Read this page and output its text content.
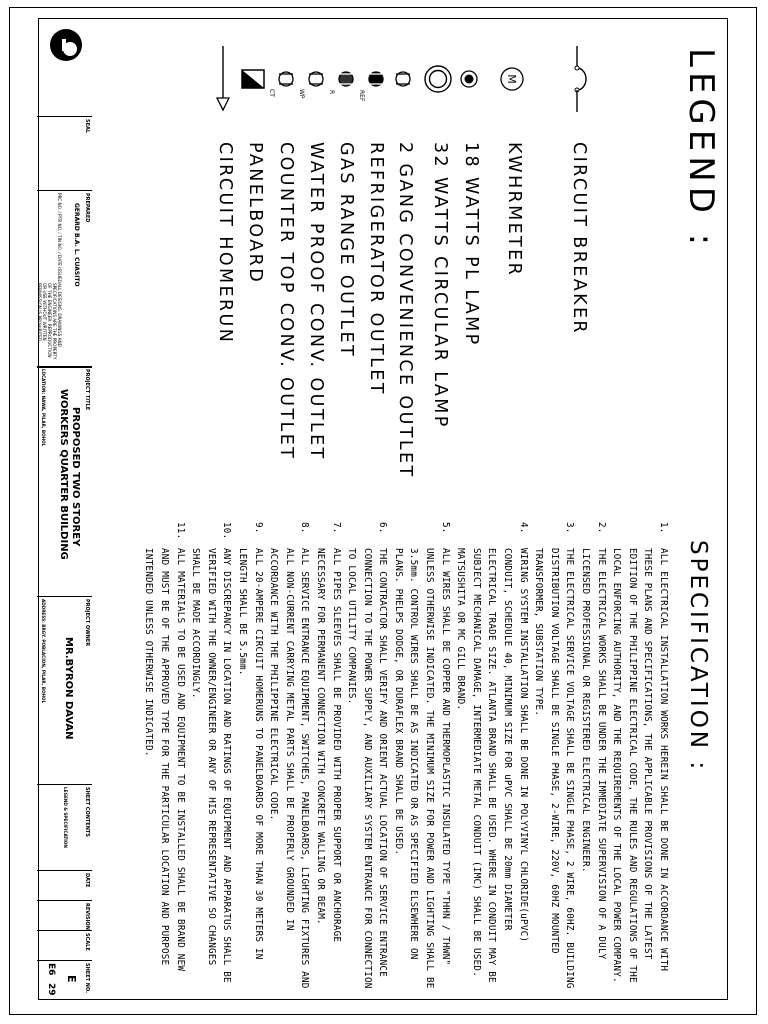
SEAL
PREPARED
GERARD B.A. L. CUASITO
PRC NO. / PTR NO. / TIN NO. / DATE ISSUED
ALL DESIGNS, DRAWINGS AND SPECIFICATIONS ARE THE PROPERTY OF THE ENGINEER. REPRODUCTION OR USE WITHOUT WRITTEN PERMISSION IS PROHIBITED.
PROJECT TITLE
PROPOSED TWO STOREY
WORKERS QUARTER BUILDING
LOCATION: NAWA, PILAR, BOHOL
PROJECT OWNER
MR.BYRON DAVAN
ADDRESS: BRGY. POBLACION, PILAR, BOHOL
SHEET CONTENTS
LEGEND & SPECIFICATION
DATE
REVISION
SCALE
SHEET NO.
E
E6
29
LEGEND :
CIRCUIT BREAKER
M
KWHRMETER
18 WATTS PL LAMP
32 WATTS CIRCULAR LAMP
2 GANG CONVENIENCE OUTLET
REF
REFRIGERATOR OUTLET
R
GAS RANGE OUTLET
WP
WATER PROOF CONV. OUTLET
CT
COUNTER TOP CONV. OUTLET
PANELBOARD
CIRCUIT HOMERUN
SPECIFICATION :
1.
ALL ELECTRICAL INSTALLATION WORKS HEREIN SHALL BE DONE IN ACCORDANCE WITH THESE PLANS AND SPECIFICATIONS, THE APPLICABLE PROVISIONS OF THE LATEST EDITION OF THE PHILIPPINE ELECTRICAL CODE, THE RULES AND REGULATIONS OF THE LOCAL ENFORCING AUTHORITY, AND THE REQUIREMENTS OF THE LOCAL POWER COMPANY.
2.
THE ELECTRICAL WORKS SHALL BE UNDER THE IMMEDIATE SUPERVISION OF A DULY LICENSED PROFESSIONAL OR REGISTERED ELECTRICAL ENGINEER.
3.
THE ELECTRICAL SERVICE VOLTAGE SHALL BE SINGLE PHASE, 2 WIRE, 60HZ. BUILDING DISTRIBUTION VOLTAGE SHALL BE SINGLE PHASE, 2-WIRE, 220V, 60HZ MOUNTED TRANSFORMER, SUBSTATION TYPE.
4.
WIRING SYSTEM INSTALLATION SHALL BE DONE IN POLYVINYL CHLORIDE(uPVC) CONDUIT, SCHEDULE 40, MINIMUM SIZE FOR uPVC SHALL BE 20mm DIAMETER ELECTRICAL TRADE SIZE. ATLANTA BRAND SHALL BE USED. WHERE IN CONDUIT MAY BE SUBJECT MECHANICAL DAMAGE, INTERMEDIATE METAL CONDUIT (IMC) SHALL BE USED. MATSUSHITA OR MC GILL BRAND.
5.
ALL WIRES SHALL BE COPPER AND THERMOPLASTIC INSULATED TYPE "THHN / THWN" UNLESS OTHERWISE INDICATED. THE MINIMUM SIZE FOR POWER AND LIGHTING SHALL BE 3.5mm. CONTROL WIRES SHALL BE AS INDICATED OR AS SPECIFIED ELSEWHERE ON PLANS. PHELPS DODGE, OR DURAFLEX BRAND SHALL BE USED.
6.
THE CONTRACTOR SHALL VERIFY AND ORIENT ACTUAL LOCATION OF SERVICE ENTRANCE CONNECTION TO THE POWER SUPPLY, AND AUXILIARY SYSTEM ENTRANCE FOR CONNECTION TO LOCAL UTILITY COMPANIES.
7.
ALL PIPES SLEEVES SHALL BE PROVIDED WITH PROPER SUPPORT OR ANCHORAGE NECESSARY FOR PERMANENT CONNECTION WITH CONCRETE WALLING OR BEAM.
8.
ALL SERVICE ENTRANCE EQUIPMENT, SWITCHES, PANELBOARDS, LIGHTING FIXTURES AND ALL NON-CURRENT CARRYING METAL PARTS SHALL BE PROPERLY GROUNDED IN ACCORDANCE WITH THE PHILIPPINE ELECTRICAL CODE.
9.
ALL 20-AMPERE CIRCUIT HOMERUNS TO PANELBOARDS OF MORE THAN 30 METERS IN LENGTH SHALL BE 5.5mm.
10.
ANY DISCREPANCY IN LOCATION AND RATINGS OF EQUIPMENT AND APPARATUS SHALL BE VERIFIED WITH THE OWNER/ENGINEER OR ANY OF HIS REPRESENTATIVE SO CHANGES SHALL BE MADE ACCORDINGLY.
11.
ALL MATERIALS TO BE USED AND EQUIPMENT TO BE INSTALLED SHALL BE BRAND NEW AND MUST BE OF THE APPROVED TYPE FOR THE PARTICULAR LOCATION AND PURPOSE INTENDED UNLESS OTHERWISE INDICATED.
